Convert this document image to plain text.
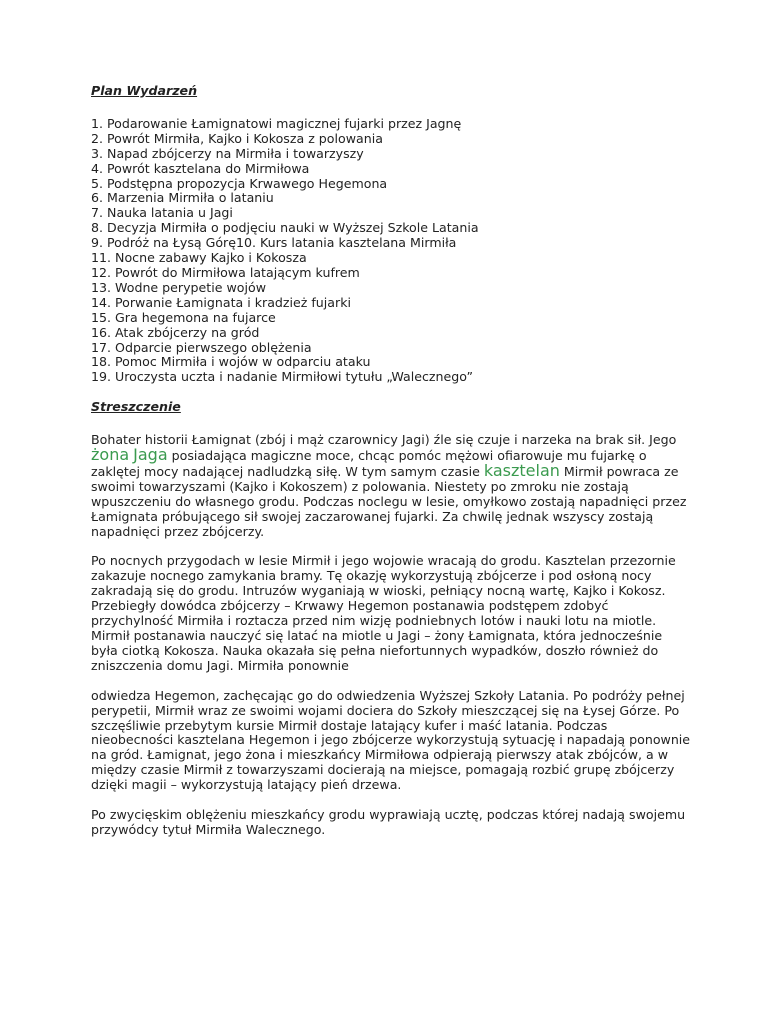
Plan Wydarzeń
1. Podarowanie Łamignatowi magicznej fujarki przez Jagnę
2. Powrót Mirmiła, Kajko i Kokosza z polowania
3. Napad zbójcerzy na Mirmiła i towarzyszy
4. Powrót kasztelana do Mirmiłowa
5. Podstępna propozycja Krwawego Hegemona
6. Marzenia Mirmiła o lataniu
7. Nauka latania u Jagi
8. Decyzja Mirmiła o podjęciu nauki w Wyższej Szkole Latania
9. Podróż na Łysą Górę10. Kurs latania kasztelana Mirmiła
11. Nocne zabawy Kajko i Kokosza
12. Powrót do Mirmiłowa latającym kufrem
13. Wodne perypetie wojów
14. Porwanie Łamignata i kradzież fujarki
15. Gra hegemona na fujarce
16. Atak zbójcerzy na gród
17. Odparcie pierwszego oblężenia
18. Pomoc Mirmiła i wojów w odparciu ataku
19. Uroczysta uczta i nadanie Mirmiłowi tytułu „Walecznego”
Streszczenie

Bohater historii Łamignat (zbój i mąż czarownicy Jagi) źle się czuje i narzeka na brak sił. Jego żona Jaga posiadająca magiczne moce, chcąc pomóc mężowi ofiarowuje mu fujarkę o zaklętej mocy nadającej nadludzką siłę. W tym samym czasie kasztelan Mirmił powraca ze swoimi towarzyszami (Kajko i Kokoszem) z polowania. Niestety po zmroku nie zostają wpuszczeniu do własnego grodu. Podczas noclegu w lesie, omyłkowo zostają napadnięci przez Łamignata próbującego sił swojej zaczarowanej fujarki. Za chwilę jednak wszyscy zostają napadnięci przez zbójcerzy.

Po nocnych przygodach w lesie Mirmił i jego wojowie wracają do grodu. Kasztelan przezornie zakazuje nocnego zamykania bramy. Tę okazję wykorzystują zbójcerze i pod osłoną nocy zakradają się do grodu. Intruzów wyganiają w wioski, pełniący nocną wartę, Kajko i Kokosz. Przebiegły dowódca zbójcerzy – Krwawy Hegemon postanawia podstępem zdobyć przychylność Mirmiła i roztacza przed nim wizję podniebnych lotów i nauki lotu na miotle. Mirmił postanawia nauczyć się latać na miotle u Jagi – żony Łamignata, która jednocześnie była ciotką Kokosza. Nauka okazała się pełna niefortunnych wypadków, doszło również do zniszczenia domu Jagi. Mirmiła ponownie

odwiedza Hegemon, zachęcając go do odwiedzenia Wyższej Szkoły Latania. Po podróży pełnej perypetii, Mirmił wraz ze swoimi wojami dociera do Szkoły mieszczącej się na Łysej Górze. Po szczęśliwie przebytym kursie Mirmił dostaje latający kufer i maść latania. Podczas nieobecności kasztelana Hegemon i jego zbójcerze wykorzystują sytuację i napadają ponownie na gród. Łamignat, jego żona i mieszkańcy Mirmiłowa odpierają pierwszy atak zbójców, a w między czasie Mirmił z towarzyszami docierają na miejsce, pomagają rozbić grupę zbójcerzy dzięki magii – wykorzystują latający pień drzewa.

Po zwycięskim oblężeniu mieszkańcy grodu wyprawiają ucztę, podczas której nadają swojemu przywódcy tytuł Mirmiła Walecznego.
